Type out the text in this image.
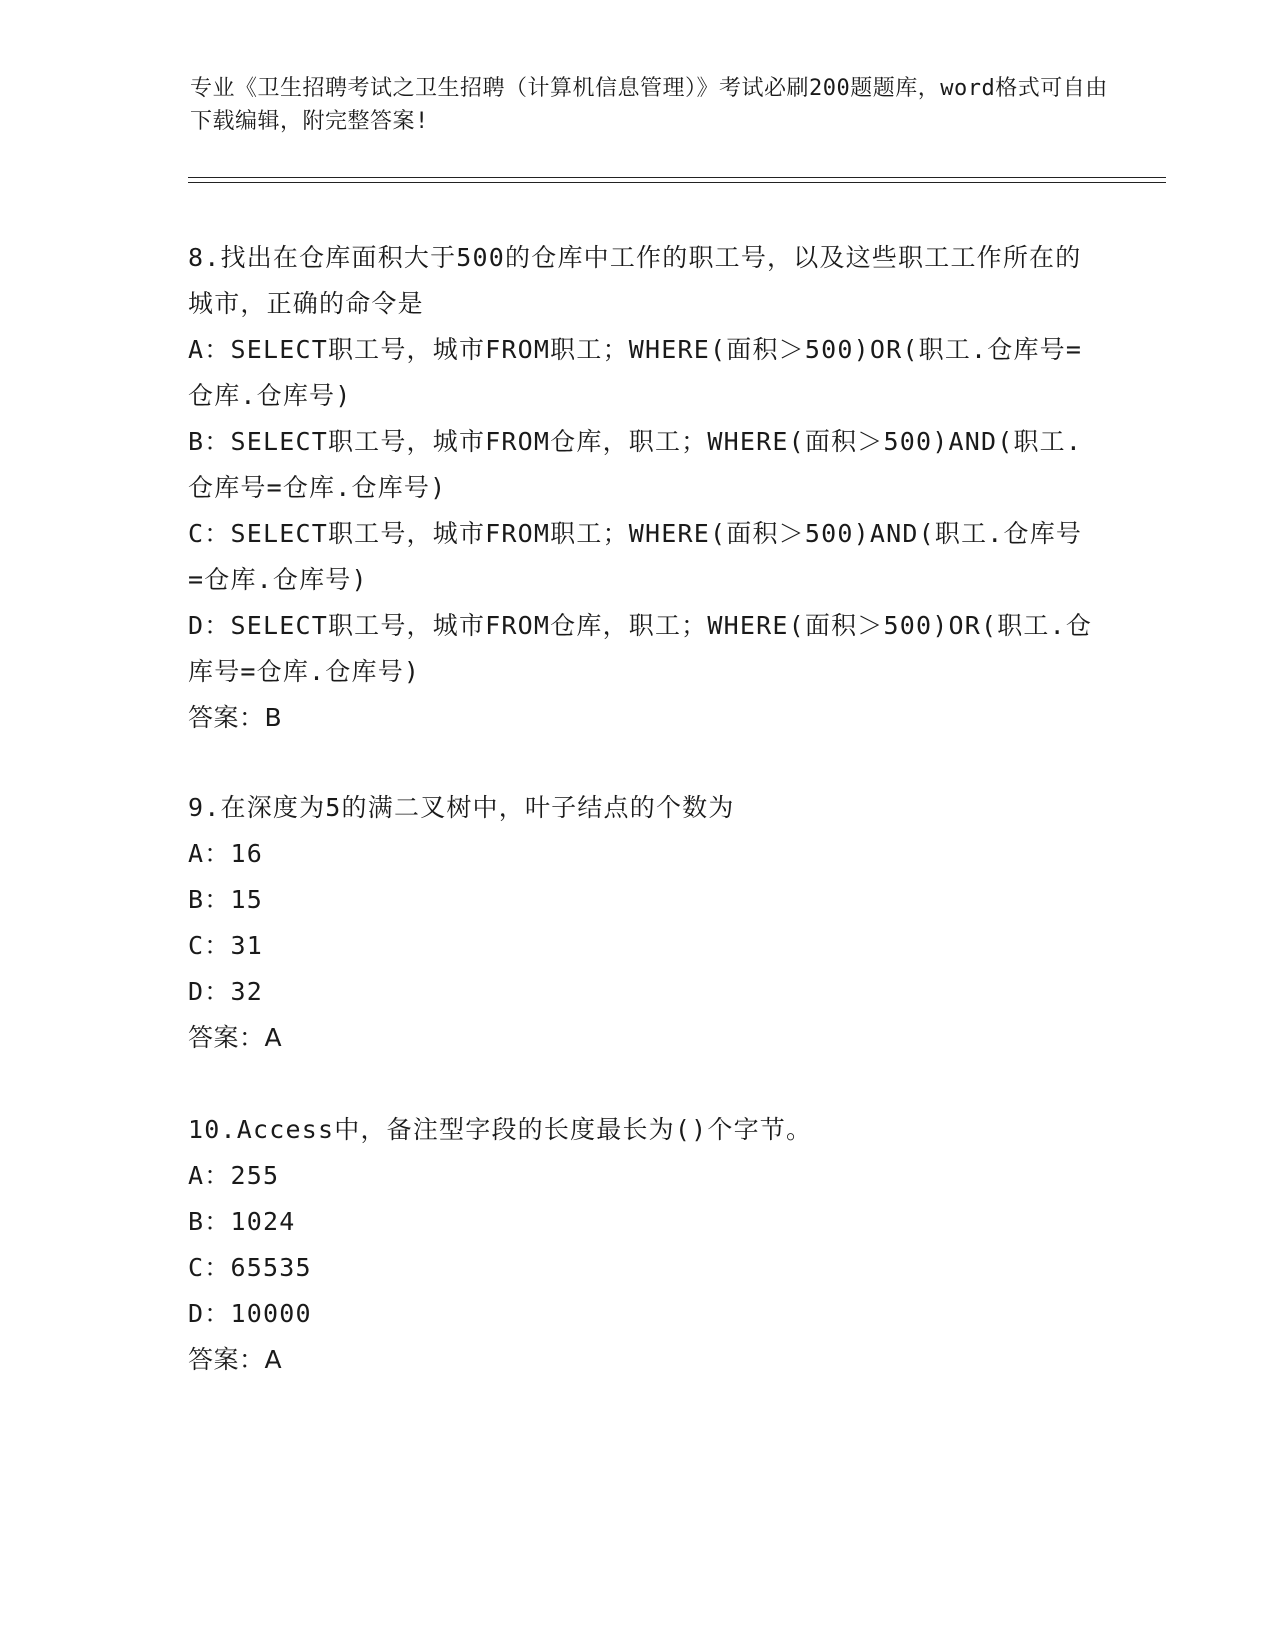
专业《卫生招聘考试之卫生招聘（计算机信息管理）》考试必刷200题题库，word格式可自由下载编辑，附完整答案!
8.找出在仓库面积大于500的仓库中工作的职工号，以及这些职工工作所在的城市，正确的命令是
A：SELECT职工号，城市FROM职工；WHERE(面积＞500)OR(职工.仓库号=仓库.仓库号)
B：SELECT职工号，城市FROM仓库，职工；WHERE(面积＞500)AND(职工.仓库号=仓库.仓库号)
C：SELECT职工号，城市FROM职工；WHERE(面积＞500)AND(职工.仓库号=仓库.仓库号)
D：SELECT职工号，城市FROM仓库，职工；WHERE(面积＞500)OR(职工.仓库号=仓库.仓库号)
答案：B
9.在深度为5的满二叉树中，叶子结点的个数为
A：16
B：15
C：31
D：32
答案：A
10.Access中，备注型字段的长度最长为()个字节。
A：255
B：1024
C：65535
D：10000
答案：A
